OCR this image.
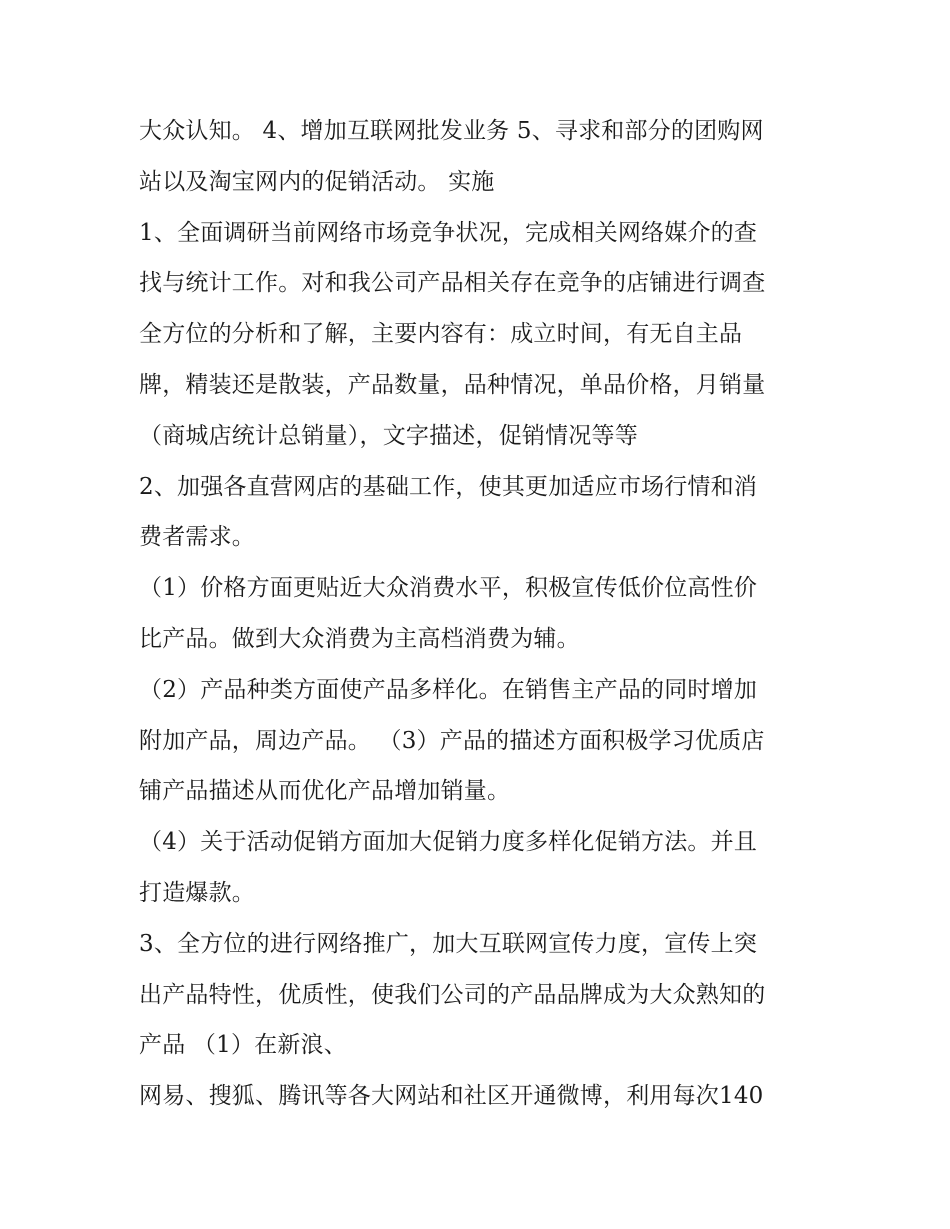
大众认知。 4、增加互联网批发业务 5、寻求和部分的团购网
站以及淘宝网内的促销活动。 实施
1、全面调研当前网络市场竞争状况，完成相关网络媒介的查
找与统计工作。对和我公司产品相关存在竞争的店铺进行调查
全方位的分析和了解，主要内容有：成立时间，有无自主品
牌，精装还是散装，产品数量，品种情况，单品价格，月销量
（商城店统计总销量），文字描述，促销情况等等
2、加强各直营网店的基础工作，使其更加适应市场行情和消
费者需求。
（1）价格方面更贴近大众消费水平，积极宣传低价位高性价
比产品。做到大众消费为主高档消费为辅。
（2）产品种类方面使产品多样化。在销售主产品的同时增加
附加产品，周边产品。 （3）产品的描述方面积极学习优质店
铺产品描述从而优化产品增加销量。
（4）关于活动促销方面加大促销力度多样化促销方法。并且
打造爆款。
3、全方位的进行网络推广，加大互联网宣传力度，宣传上突
出产品特性，优质性，使我们公司的产品品牌成为大众熟知的
产品 （1）在新浪、
网易、搜狐、腾讯等各大网站和社区开通微博，利用每次140
